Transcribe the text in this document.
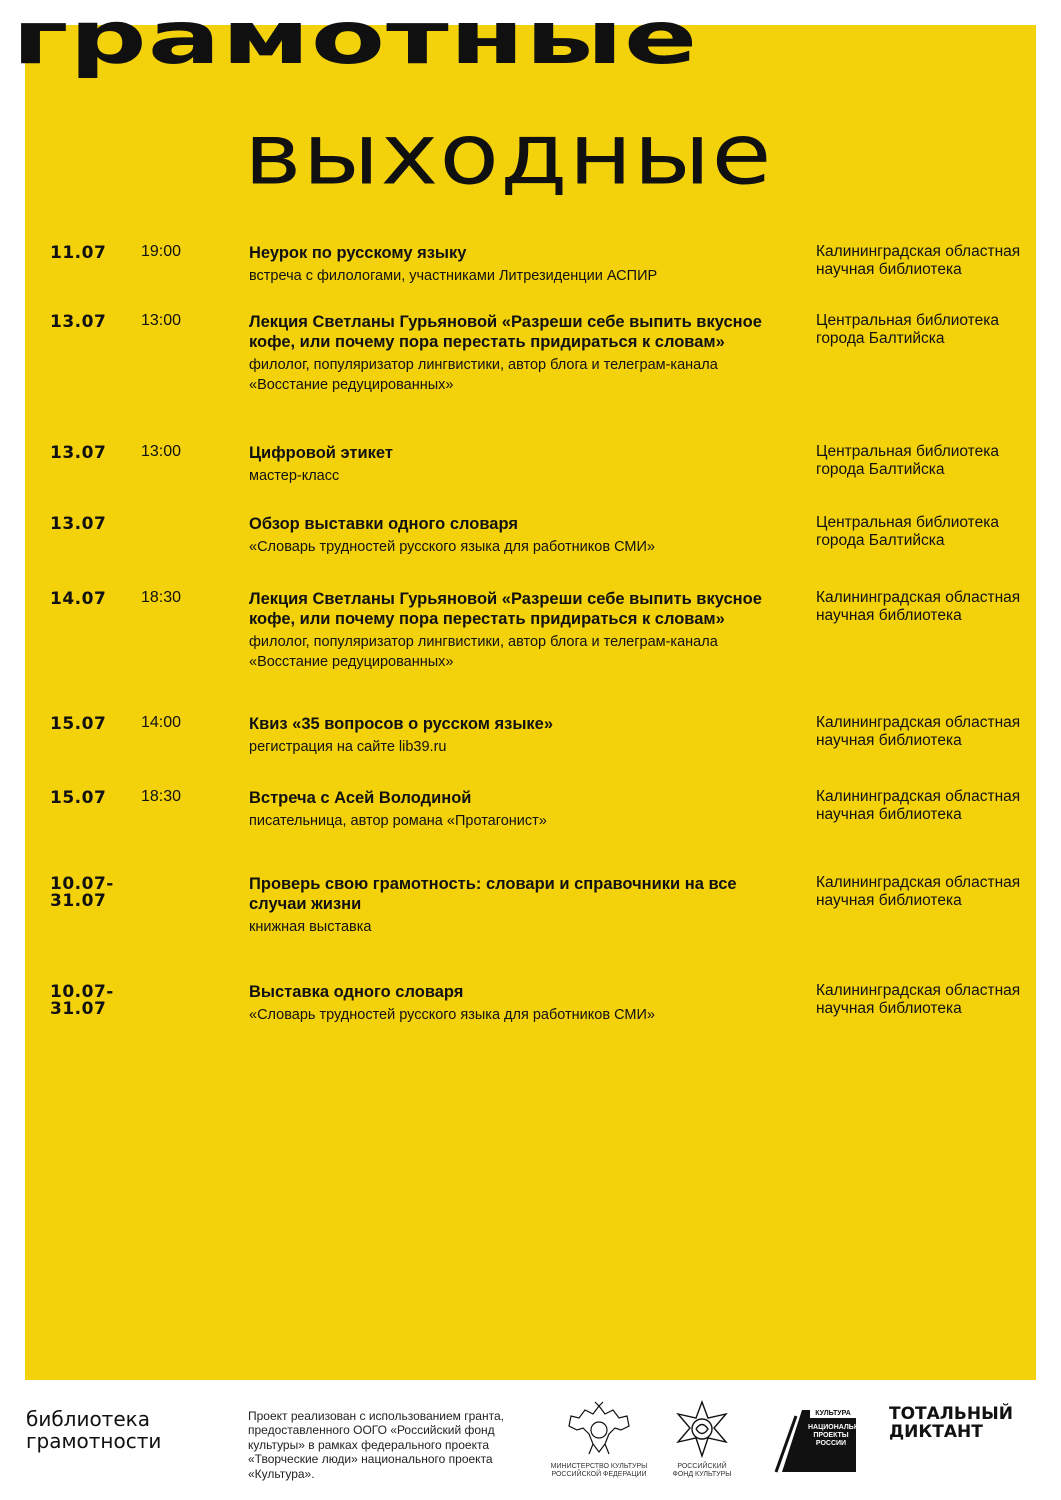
грамотные
выходные
11.07	19:00	Неурок по русскому языку
встреча с филологами, участниками Литрезиденции АСПИР
Калининградская областная научная библиотека
13.07	13:00	Лекция Светланы Гурьяновой «Разреши себе выпить вкусное кофе, или почему пора перестать придираться к словам»
филолог, популяризатор лингвистики, автор блога и телеграм-канала «Восстание редуцированных»
Центральная библиотека города Балтийска
13.07	13:00	Цифровой этикет
мастер-класс
Центральная библиотека города Балтийска
13.07	Обзор выставки одного словаря
«Словарь трудностей русского языка для работников СМИ»
Центральная библиотека города Балтийска
14.07	18:30	Лекция Светланы Гурьяновой «Разреши себе выпить вкусное кофе, или почему пора перестать придираться к словам»
филолог, популяризатор лингвистики, автор блога и телеграм-канала «Восстание редуцированных»
Калининградская областная научная библиотека
15.07	14:00	Квиз «35 вопросов о русском языке»
регистрация на сайте lib39.ru
Калининградская областная научная библиотека
15.07	18:30	Встреча с Асей Володиной
писательница, автор романа «Протагонист»
Калининградская областная научная библиотека
10.07-31.07
Проверь свою грамотность: словари и справочники на все случаи жизни
книжная выставка
Калининградская областная научная библиотека
10.07-31.07
Выставка одного словаря
«Словарь трудностей русского языка для работников СМИ»
Калининградская областная научная библиотека
библиотека
грамотности
Проект реализован с использованием гранта, предоставленного ООГО «Российский фонд культуры» в рамках федерального проекта «Творческие люди» национального проекта «Культура».
МИНИСТЕРСТВО КУЛЬТУРЫ РОССИЙСКОЙ ФЕДЕРАЦИИ
РОССИЙСКИЙ ФОНД КУЛЬТУРЫ
КУЛЬТУРА
НАЦИОНАЛЬНЫЕ ПРОЕКТЫ РОССИИ
ТОТАЛЬНЫЙ
ДИКТАНТ
